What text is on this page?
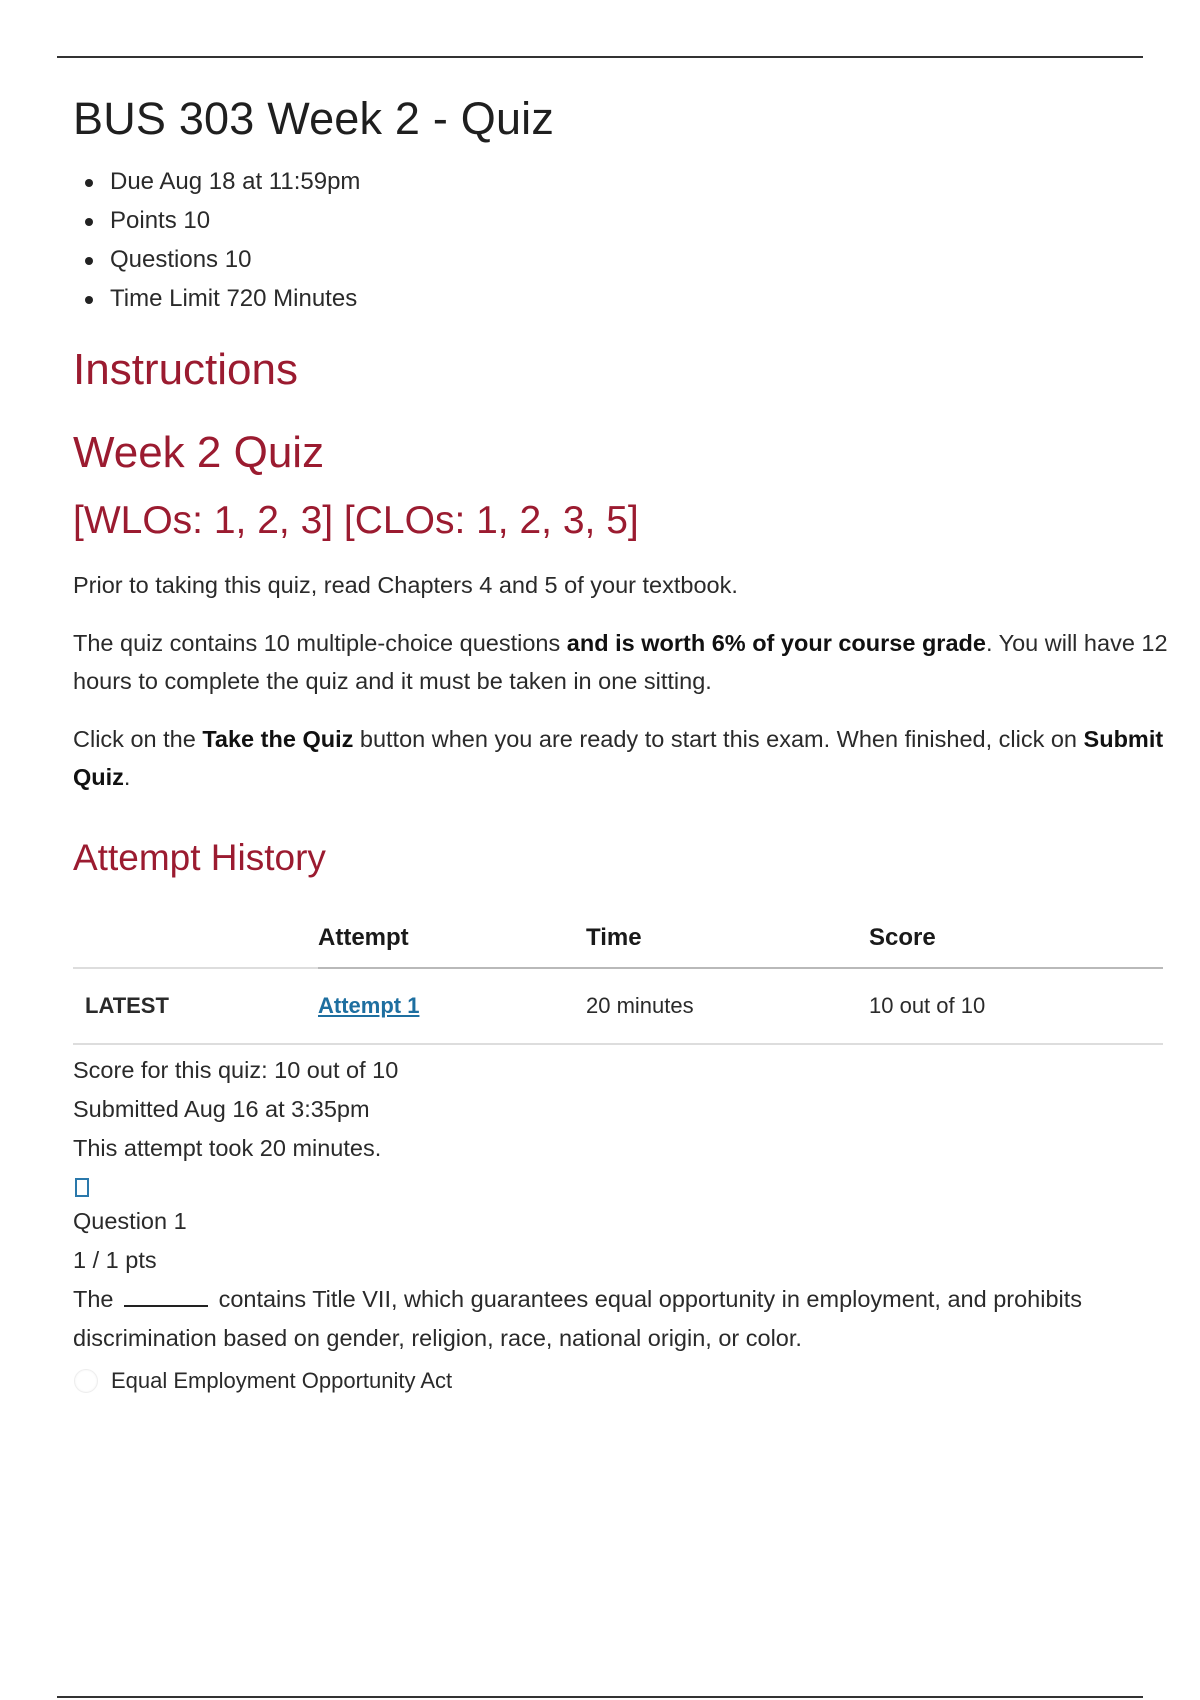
BUS 303 Week 2 - Quiz
Due Aug 18 at 11:59pm
Points 10
Questions 10
Time Limit 720 Minutes
Instructions
Week 2 Quiz
[WLOs: 1, 2, 3] [CLOs: 1, 2, 3, 5]

Prior to taking this quiz, read Chapters 4 and 5 of your textbook.

The quiz contains 10 multiple-choice questions and is worth 6% of your course grade. You will have 12 hours to complete the quiz and it must be taken in one sitting.

Click on the Take the Quiz button when you are ready to start this exam. When finished, click on Submit Quiz.

Attempt History
	Attempt	Time	Score
LATEST	Attempt 1	20 minutes	10 out of 10
Score for this quiz: 10 out of 10
Submitted Aug 16 at 3:35pm
This attempt took 20 minutes.
Question 1
1 / 1 pts

The	contains Title VII, which guarantees equal opportunity in employment, and prohibits discrimination based on gender, religion, race, national origin, or color.

Equal Employment Opportunity Act
